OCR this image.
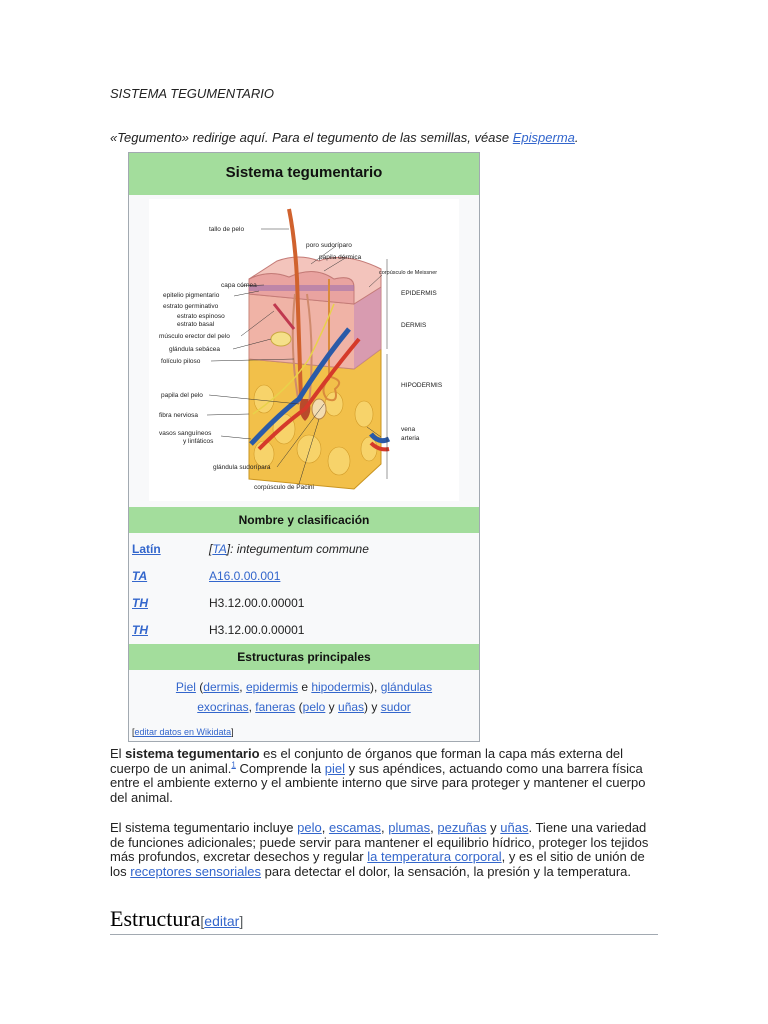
SISTEMA TEGUMENTARIO
«Tegumento» redirige aquí. Para el tegumento de las semillas, véase Episperma.
Sistema tegumentario
tallo de pelo
poro sudoríparo
papila dérmica
corpúsculo de Meissner
capa córnea
epitelio pigmentario
estrato germinativo
estrato espinoso
estrato basal
músculo erector del pelo
glándula sebácea
folículo piloso
papila del pelo
fibra nerviosa
vasos sanguíneos
y linfáticos
glándula sudorípara
corpúsculo de Pacini
EPIDERMIS
DERMIS
HIPODERMIS
vena
arteria
Nombre y clasificación
Latín	[TA]: integumentum commune
TA	A16.0.00.001
TH	H3.12.00.0.00001
TH	H3.12.00.0.00001
Estructuras principales
Piel (dermis, epidermis e hipodermis), glándulas
exocrinas, faneras (pelo y uñas) y sudor
[editar datos en Wikidata]
El sistema tegumentario es el conjunto de órganos que forman la capa más externa del cuerpo de un animal.$^1$ Comprende la piel y sus apéndices, actuando como una barrera física entre el ambiente externo y el ambiente interno que sirve para proteger y mantener el cuerpo del animal.
El sistema tegumentario incluye pelo, escamas, plumas, pezuñas y uñas. Tiene una variedad de funciones adicionales; puede servir para mantener el equilibrio hídrico, proteger los tejidos más profundos, excretar desechos y regular la temperatura corporal, y es el sitio de unión de los receptores sensoriales para detectar el dolor, la sensación, la presión y la temperatura.
Estructura[editar]
